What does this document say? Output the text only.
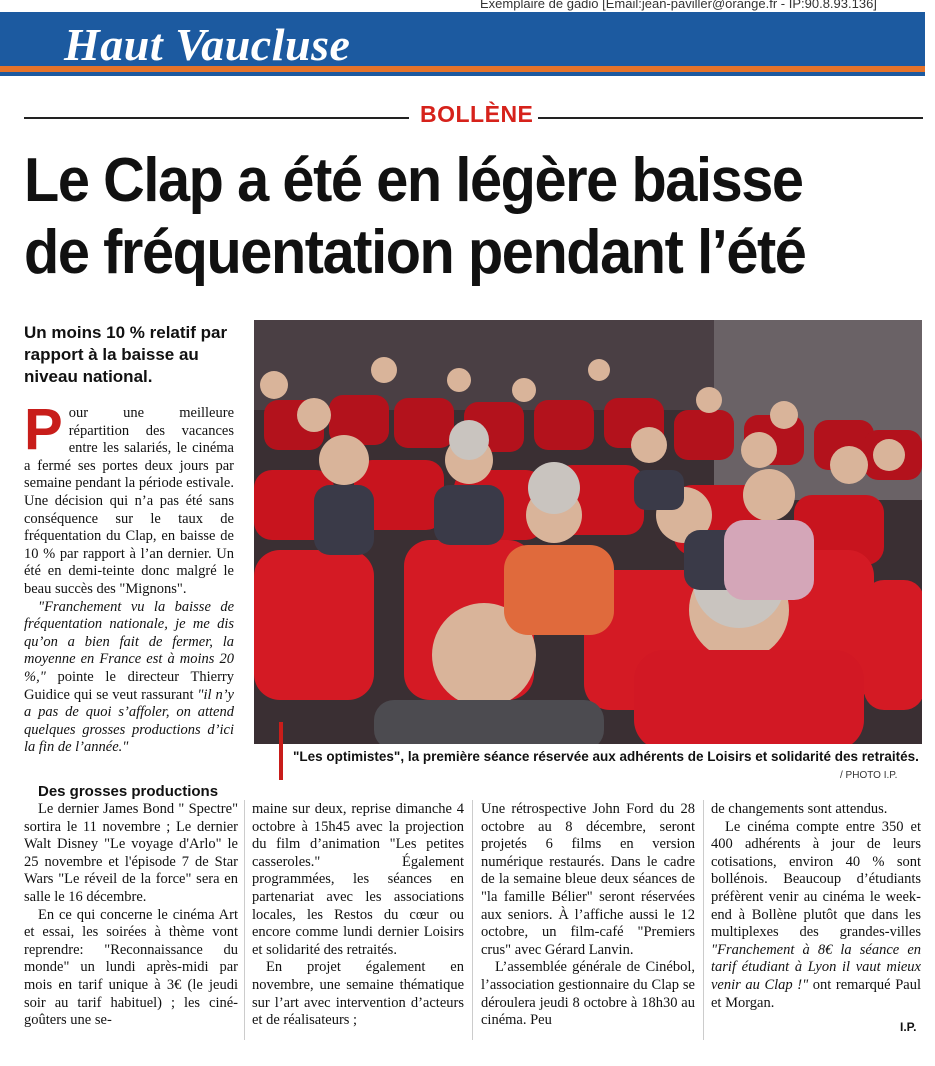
Exemplaire de gadio [Email:jean-paviller@orange.fr - IP:90.8.93.136]
Haut Vaucluse
BOLLÈNE
Le Clap a été en légère baisse de fréquentation pendant l’été
Un moins 10 % relatif par rapport à la baisse au niveau national.

P our une meilleure répartition des vacances entre les salariés, le cinéma a fermé ses portes deux jours par semaine pendant la période estivale. Une décision qui n’a pas été sans conséquence sur le taux de fréquentation du Clap, en baisse de 10 % par rapport à l’an dernier. Un été en demi-teinte donc malgré le beau succès des "Mignons".

"Franchement vu la baisse de fréquentation nationale, je me dis qu’on a bien fait de fermer, la moyenne en France est à moins 20 %," pointe le directeur Thierry Guidice qui se veut rassurant "il n’y a pas de quoi s’affoler, on attend quelques grosses productions d’ici la fin de l’année."

"Les optimistes", la première séance réservée aux adhérents de Loisirs et solidarité des retraités.
/ PHOTO I.P.
Des grosses productions

Le dernier James Bond " Spectre" sortira le 11 novembre ; Le dernier Walt Disney "Le voyage d'Arlo" le 25 novembre et l'épisode 7 de Star Wars "Le réveil de la force" sera en salle le 16 décembre.

En ce qui concerne le cinéma Art et essai, les soirées à thème vont reprendre: "Reconnaissance du monde" un lundi après-midi par mois en tarif unique à 3€ (le jeudi soir au tarif habituel) ; les ciné-goûters une se-

maine sur deux, reprise dimanche 4 octobre à 15h45 avec la projection du film d’animation "Les petites casseroles." Également programmées, les séances en partenariat avec les associations locales, les Restos du cœur ou encore comme lundi dernier Loisirs et solidarité des retraités.

En projet également en novembre, une semaine thématique sur l’art avec intervention d’acteurs et de réalisateurs ;

Une rétrospective John Ford du 28 octobre au 8 décembre, seront projetés 6 films en version numérique restaurés. Dans le cadre de la semaine bleue deux séances de "la famille Bélier" seront réservées aux seniors. À l’affiche aussi le 12 octobre, un film-café "Premiers crus" avec Gérard Lanvin.

L’assemblée générale de Cinébol, l’association gestionnaire du Clap se déroulera jeudi 8 octobre à 18h30 au cinéma. Peu

de changements sont attendus.

Le cinéma compte entre 350 et 400 adhérents à jour de leurs cotisations, environ 40 % sont bollénois. Beaucoup d’étudiants préfèrent venir au cinéma le week-end à Bollène plutôt que dans les multiplexes des grandes-villes "Franchement à 8€ la séance en tarif étudiant à Lyon il vaut mieux venir au Clap !" ont remarqué Paul et Morgan.

I.P.
